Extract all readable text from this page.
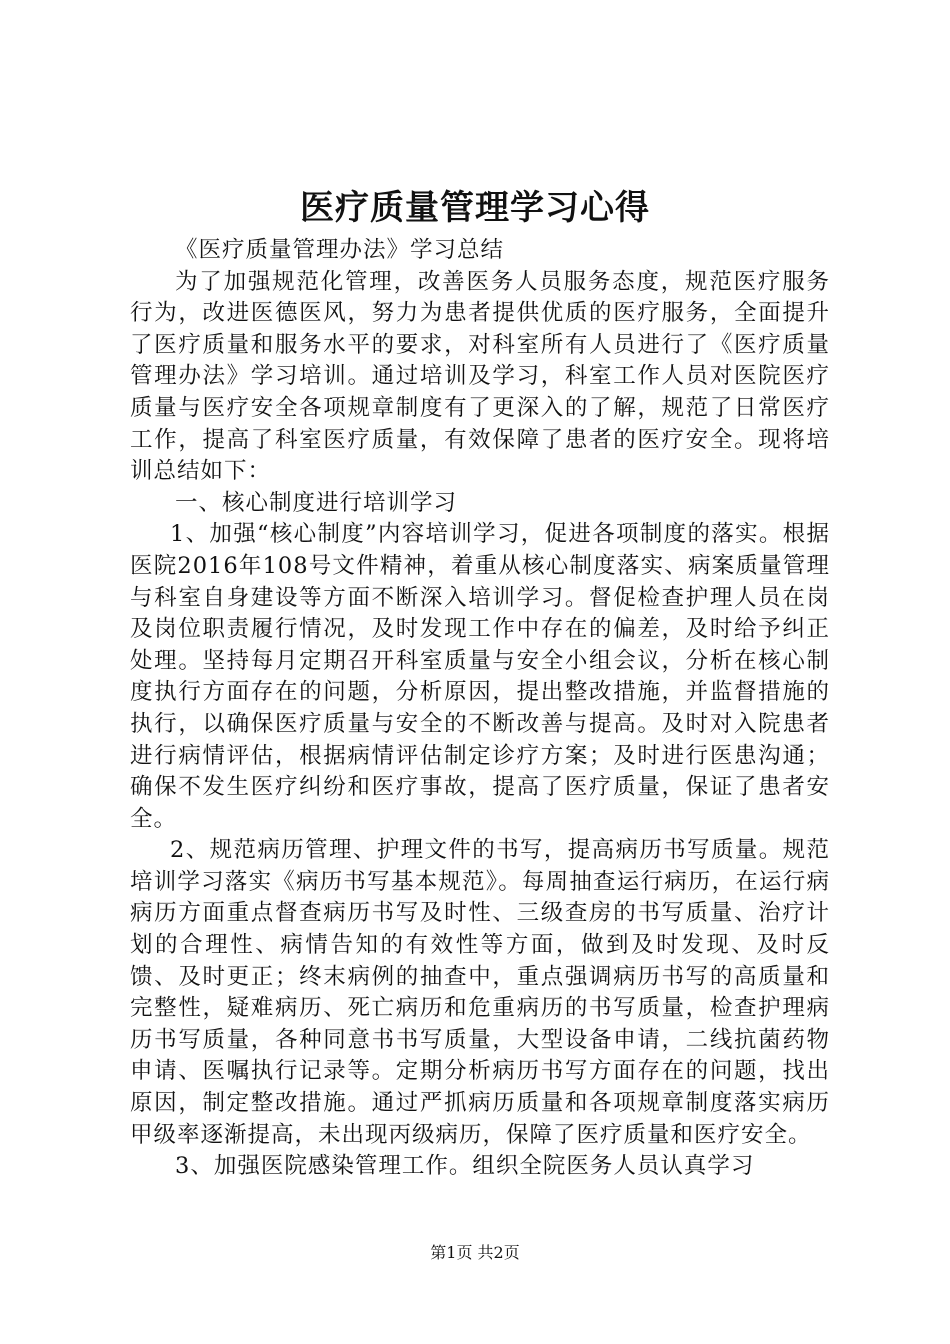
医疗质量管理学习心得

《医疗质量管理办法》学习总结

为了加强规范化管理，改善医务人员服务态度，规范医疗服务行为，改进医德医风，努力为患者提供优质的医疗服务，全面提升了医疗质量和服务水平的要求，对科室所有人员进行了《医疗质量管理办法》学习培训。通过培训及学习，科室工作人员对医院医疗质量与医疗安全各项规章制度有了更深入的了解，规范了日常医疗工作，提高了科室医疗质量，有效保障了患者的医疗安全。现将培训总结如下：

一、核心制度进行培训学习

1、加强“核心制度”内容培训学习，促进各项制度的落实。根据医院2016年108号文件精神，着重从核心制度落实、病案质量管理与科室自身建设等方面不断深入培训学习。督促检查护理人员在岗及岗位职责履行情况，及时发现工作中存在的偏差，及时给予纠正处理。坚持每月定期召开科室质量与安全小组会议，分析在核心制度执行方面存在的问题，分析原因，提出整改措施，并监督措施的执行，以确保医疗质量与安全的不断改善与提高。及时对入院患者进行病情评估，根据病情评估制定诊疗方案；及时进行医患沟通；确保不发生医疗纠纷和医疗事故，提高了医疗质量，保证了患者安全。

2、规范病历管理、护理文件的书写，提高病历书写质量。规范培训学习落实《病历书写基本规范》。每周抽查运行病历，在运行病病历方面重点督查病历书写及时性、三级查房的书写质量、治疗计划的合理性、病情告知的有效性等方面，做到及时发现、及时反馈、及时更正；终末病例的抽查中，重点强调病历书写的高质量和完整性，疑难病历、死亡病历和危重病历的书写质量，检查护理病历书写质量，各种同意书书写质量，大型设备申请，二线抗菌药物申请、医嘱执行记录等。定期分析病历书写方面存在的问题，找出原因，制定整改措施。通过严抓病历质量和各项规章制度落实病历甲级率逐渐提高，未出现丙级病历，保障了医疗质量和医疗安全。

3、加强医院感染管理工作。组织全院医务人员认真学习

第1页 共2页
